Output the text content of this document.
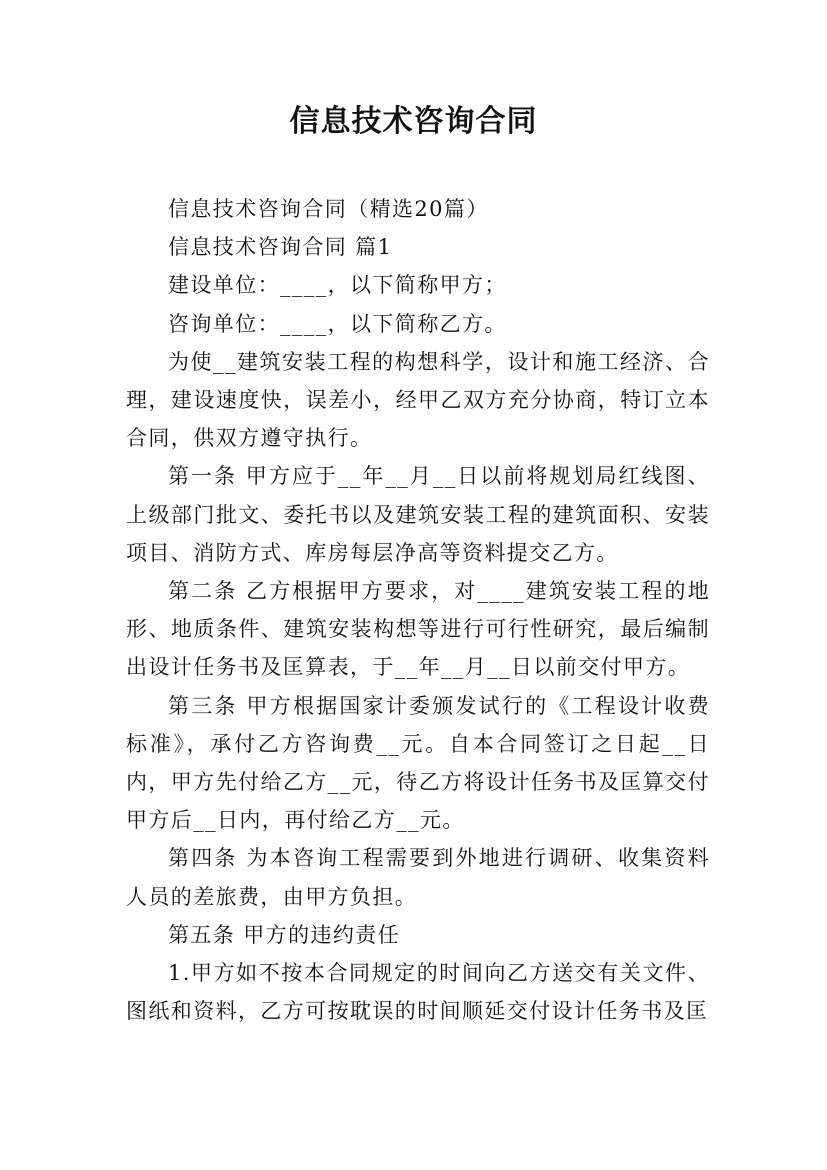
信息技术咨询合同

信息技术咨询合同（精选20篇）

信息技术咨询合同 篇1

建设单位：____，以下简称甲方；

咨询单位：____，以下简称乙方。

为使__建筑安装工程的构想科学，设计和施工经济、合理，建设速度快，误差小，经甲乙双方充分协商，特订立本合同，供双方遵守执行。

第一条 甲方应于__年__月__日以前将规划局红线图、上级部门批文、委托书以及建筑安装工程的建筑面积、安装项目、消防方式、库房每层净高等资料提交乙方。

第二条 乙方根据甲方要求，对____建筑安装工程的地形、地质条件、建筑安装构想等进行可行性研究，最后编制出设计任务书及匡算表，于__年__月__日以前交付甲方。

第三条 甲方根据国家计委颁发试行的《工程设计收费标准》，承付乙方咨询费__元。自本合同签订之日起__日内，甲方先付给乙方__元，待乙方将设计任务书及匡算交付甲方后__日内，再付给乙方__元。

第四条 为本咨询工程需要到外地进行调研、收集资料人员的差旅费，由甲方负担。

第五条 甲方的违约责任

1.甲方如不按本合同规定的时间向乙方送交有关文件、图纸和资料，乙方可按耽误的时间顺延交付设计任务书及匡
